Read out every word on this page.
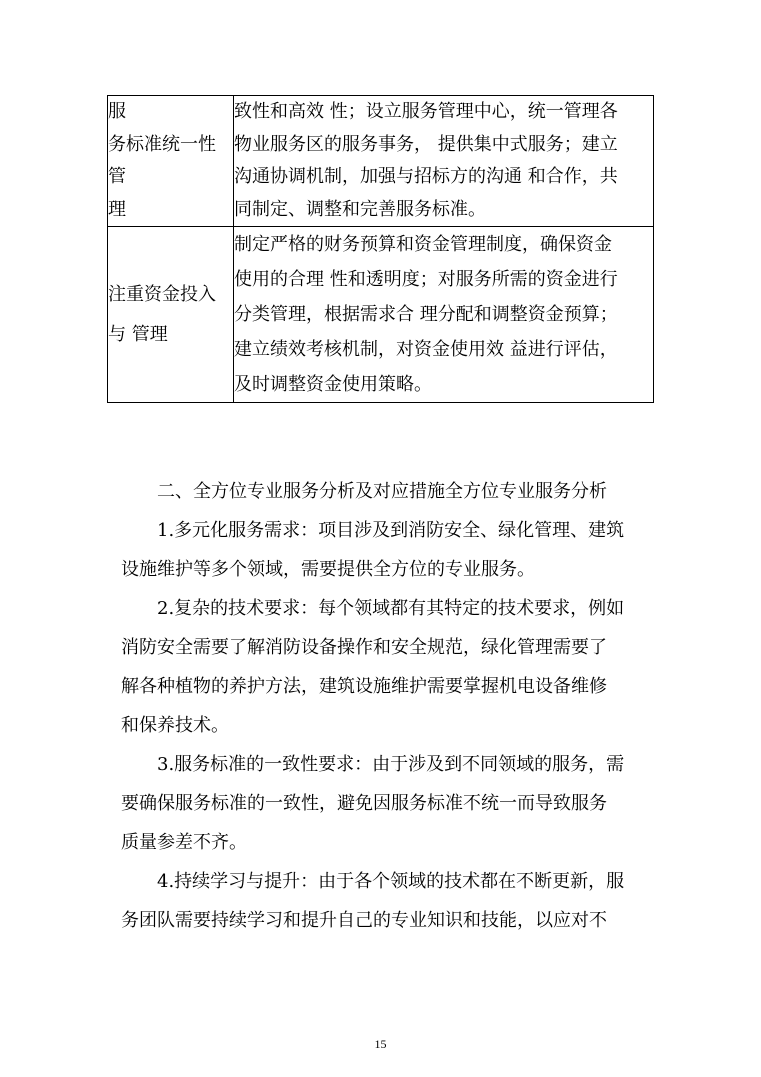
服
务标准统一性
管
理	致性和高效 性；设立服务管理中心，统一管理各
物业服务区的服务事务， 提供集中式服务；建立
沟通协调机制，加强与招标方的沟通 和合作，共
同制定、调整和完善服务标准。

注重资金投入
与 管理	制定严格的财务预算和资金管理制度，确保资金
使用的合理 性和透明度；对服务所需的资金进行
分类管理，根据需求合 理分配和调整资金预算；
建立绩效考核机制，对资金使用效 益进行评估，
及时调整资金使用策略。

二、全方位专业服务分析及对应措施全方位专业服务分析

1.多元化服务需求：项目涉及到消防安全、绿化管理、建筑
设施维护等多个领域，需要提供全方位的专业服务。

2.复杂的技术要求：每个领域都有其特定的技术要求，例如
消防安全需要了解消防设备操作和安全规范，绿化管理需要了
解各种植物的养护方法，建筑设施维护需要掌握机电设备维修
和保养技术。

3.服务标准的一致性要求：由于涉及到不同领域的服务，需
要确保服务标准的一致性，避免因服务标准不统一而导致服务
质量参差不齐。

4.持续学习与提升：由于各个领域的技术都在不断更新，服
务团队需要持续学习和提升自己的专业知识和技能，以应对不

15
